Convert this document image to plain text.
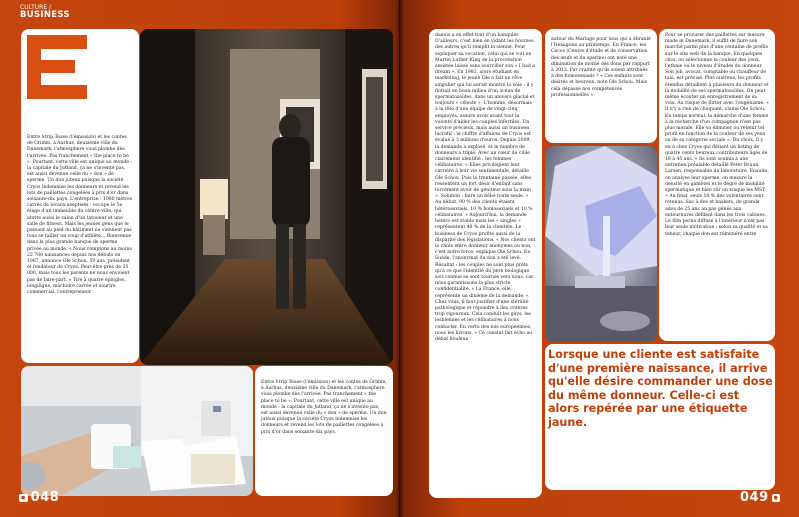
CULTURE /
BUSINESS
Entre Strip Tease (l'émission) et les contes de Grimm, à Aarhus, deuxième ville du Danemark, l'atmosphère vous plombe dès l'arrivée. Pas franchement « the place to be ». Pourtant, cette ville est unique au monde : la capitale du Jutland, ça ne s'invente pas, est aussi devenue celle du « don » de sperme. Un don juteux puisque la société Cryos indemnise les donneurs et revend les lots de paillettes congelées à prix d'or dans soixante-dix pays. L'entreprise - 1000 mètres carrés de locaux aseptisés - occupe le 5e étage d'un immeuble du centre-ville, qui abrite aussi le salon d'un tatoueur et une salle de fitness. Mais les jeunes gens que le passant au pied du bâtiment ne viennent pas tous se tailler un coup d'athlète… Bienvenue dans la plus grande banque de sperme privée au monde. « Nous comptons au moins 22 700 naissances depuis nos débuts en 1987, annonce Ole Schou, 59 ans, président et fondateur de Cryos. Peut-être près de 35 000, mais tous les parents ne nous envoient pas de faire-part. » Tiré à quatre épingles, longiligne, mâchoire carrée et sourire commercial, l'entrepreneur
Entre Strip Tease (l'émission) et les contes de Grimm, à Aarhus, deuxième ville du Danemark, l'atmosphère vous plombe dès l'arrivée. Pas franchement « the place to be ». Pourtant, cette ville est unique au monde : la capitale du Jutland, ça ne s'invente pas, est aussi devenue celle du « don » de sperme. Un don juteux puisque la société Cryos indemnise les donneurs et revend les lots de paillettes congelées à prix d'or dans soixante-dix pays.
◼ 048
danois a en effet tout d'un banquier. D'ailleurs, c'est bien en vidant les bourses des autres qu'il remplit la sienne. Pour expliquer sa vocation, celui qui se voit en Martin Luther King de la procréation assistée laisse sans sourciller son « I had a dream ». En 1981, alors étudiant en marketing, le jeune Ole a fait un rêve singulier qui lui aurait montré la voie : il y flottait en beau milieu d'un océan de spermatozoïdes, dans un univers glacial et toujours « céleste ». L'homme, désormais à la tête d'une équipe de vingt-cinq employés, assure avoir avant tout la volonté d'aider les couples infertiles. Un service précieux, mais aussi un business lucratif : le chiffre d'affaires de Cryos est évalué à 3 millions d'euros. Depuis 2009, la demande a explosé, et le nombre de donneurs a triplé. Avec un cœur de cible clairement identifié : les femmes célibataires. « Elles privilégient leur carrière à leur vie sentimentale, détaille Ole Schou. Puis la trentaine passée, elles ressentent un fort désir d'enfant sans forcément avoir de géniteur sous la main ». Solution : faire un bébé toute seule. « Au début, 90 % des clients étaient hétérosexuels, 10 % homosexuels et 10 % célibataires. » Aujourd'hui, la demande hétéro est stable mais les « singles » représentent 40 % de la clientèle. Le business de Cryos profite aussi de la disparité des législations. « Nos clients ont le choix entre donneur anonymes ou non, c'est notre force, explique Ole Schou. En Suède, l'anonymat du don a été levé. Résultat : les couples ne sont plus prêts qu'à ce que l'identité du père biologique soit connue se sont tournés vers nous, car nous garantissons la plus stricte confidentialité. » La France, elle, représente un dixième de la demande. « Chez vous, il faut justifier d'une stérilité pathologique et répondre à des critères trop rigoureux. Cela conduit les gays, les lesbiennes et les célibataires à nous contacter. En vertu des lois européennes, nous les livrons. » Ce constat fait écho au débat houleux
autour du Mariage pour tous qui a ébranlé l'Hexagone au printemps. En France, les Cecos (Centre d'étude et de conservation des œufs et du sperme) ont noté une diminution de moitié des dons par rapport à 2012. Par crainte qu'ils soient attribués à des homosexuels ? « Ces enfants sont désirés et heureux, note Ole Schou. Mais cela dépasse nos compétences professionnelles ».
Pour se procurer des paillettes sur mesure made in Danemark, il suffit de faire son marché parmi plus d'une centaine de profils sur le site web de la banque. En quelques clics, on sélectionne la couleur des yeux, l'ethnie ou le niveau d'études du donneur. Son job, avocat, comptable ou chauffeur de taxi, est précisé. Plus onéreux, les profils étendus détaillent à plusieurs du donneur et la mobilité de ses spermatozoïdes. On peut même écouter un enregistrement de sa voix. Au risque de flirter avec l'eugénisme. « Il n'y a rien de choquant, clame Ole Schou. En temps normal, la démarche d'une femme à la recherche d'un compagnon n'est pas plus morale. Elle va éliminer ou retenir tel profil en fonction de la couleur de ses yeux ou de sa catégorie sociale ». Du choix, il y en a chez Cryos qui détient un listing de quatre cents heureux contributeurs âgés de 18 à 45 ans. « Ils sont soumis à une entretien préalable détaillé Peter Bruun Larsen, responsable du laboratoire. Ensuite, on analyse leur sperme, on mesure la densité en gamètes et le degré de mobilité spermatique et bien sûr on traque les MST. » Au final, seuls 10 % des volontaires sont retenus. Sac à dos et baskets, de grands ados de 25 ans au pas gênés aux entournures défilent dans les trois cabines. Le film porno diffusé à l'intérieur n'est pas leur seule motivation : selon sa qualité et sa teneur, chaque don est rémunéré entre
Lorsque une cliente est satisfaite d'une première naissance, il arrive qu'elle désire commander une dose du même donneur. Celle-ci est alors repérée par une étiquette jaune.
049 ◼
